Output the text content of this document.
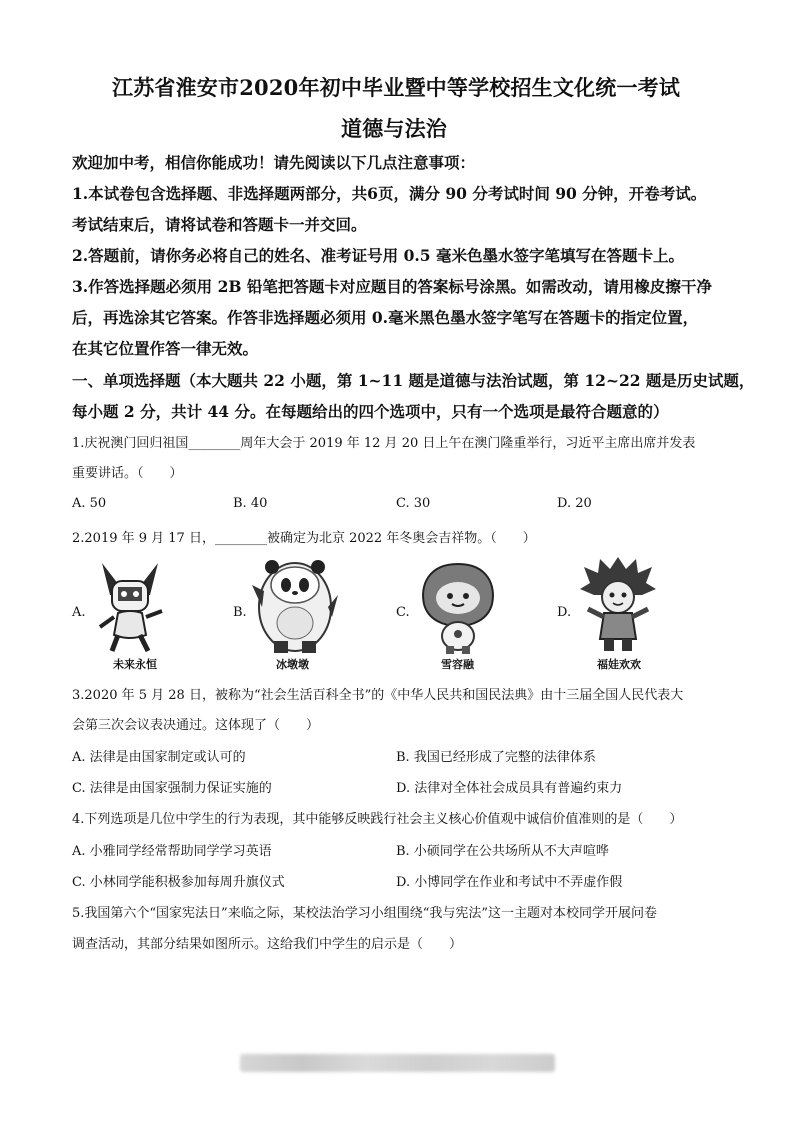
江苏省淮安市2020年初中毕业暨中等学校招生文化统一考试
道德与法治
欢迎加中考，相信你能成功！请先阅读以下几点注意事项：
1.本试卷包含选择题、非选择题两部分，共6页，满分 90 分考试时间 90 分钟，开卷考试。
考试结束后，请将试卷和答题卡一并交回。
2.答题前，请你务必将自己的姓名、准考证号用 0.5 毫米色墨水签字笔填写在答题卡上。
3.作答选择题必须用 2B 铅笔把答题卡对应题目的答案标号涂黑。如需改动，请用橡皮擦干净
后，再选涂其它答案。作答非选择题必须用 0.毫米黑色墨水签字笔写在答题卡的指定位置，
在其它位置作答一律无效。
一、单项选择题（本大题共 22 小题，第 1~11 题是道德与法治试题，第 12~22 题是历史试题，
每小题 2 分，共计 44 分。在每题给出的四个选项中，只有一个选项是最符合题意的）
1.庆祝澳门回归祖国________周年大会于 2019 年 12 月 20 日上午在澳门隆重举行，习近平主席出席并发表
重要讲话。（　　）
A. 50	B. 40	C. 30	D. 20
2.2019 年 9 月 17 日，________被确定为北京 2022 年冬奥会吉祥物。（　　）
A.
未来永恒
B.
冰墩墩
C.
雪容融
D.
福娃欢欢
3.2020 年 5 月 28 日，被称为“社会生活百科全书”的《中华人民共和国民法典》由十三届全国人民代表大
会第三次会议表决通过。这体现了（　　）
A. 法律是由国家制定或认可的	B. 我国已经形成了完整的法律体系
C. 法律是由国家强制力保证实施的	D. 法律对全体社会成员具有普遍约束力
4.下列选项是几位中学生的行为表现，其中能够反映践行社会主义核心价值观中诚信价值准则的是（　　）
A. 小雅同学经常帮助同学学习英语	B. 小硕同学在公共场所从不大声喧哗
C. 小林同学能积极参加每周升旗仪式	D. 小博同学在作业和考试中不弄虚作假
5.我国第六个“国家宪法日”来临之际，某校法治学习小组围绕“我与宪法”这一主题对本校同学开展问卷
调查活动，其部分结果如图所示。这给我们中学生的启示是（　　）
